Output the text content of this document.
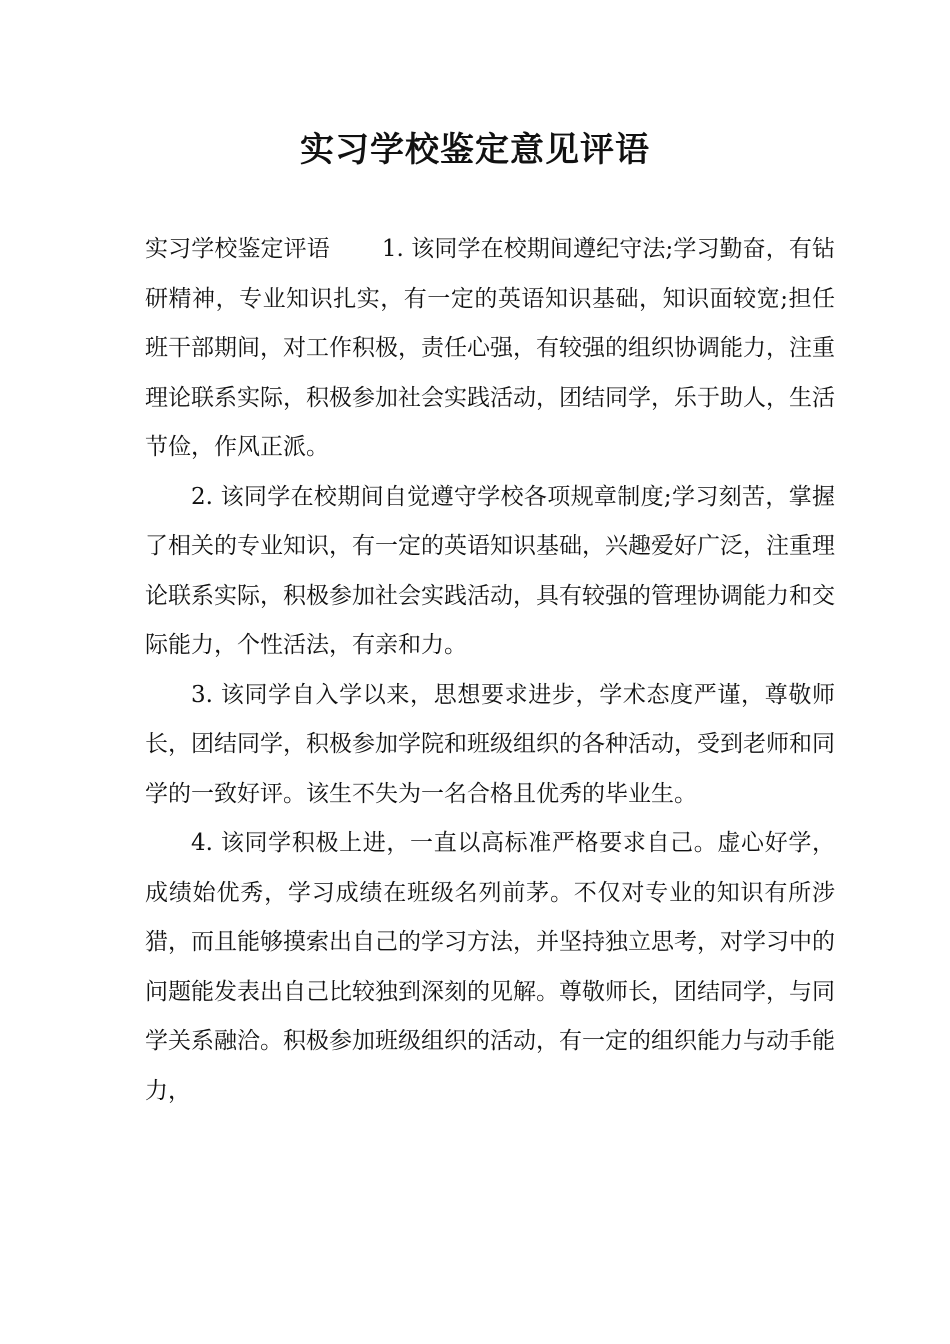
实习学校鉴定意见评语

实习学校鉴定评语 1. 该同学在校期间遵纪守法;学习勤奋，有钻研精神，专业知识扎实，有一定的英语知识基础，知识面较宽;担任班干部期间，对工作积极，责任心强，有较强的组织协调能力，注重理论联系实际，积极参加社会实践活动，团结同学，乐于助人，生活节俭，作风正派。

2. 该同学在校期间自觉遵守学校各项规章制度;学习刻苦，掌握了相关的专业知识，有一定的英语知识基础，兴趣爱好广泛，注重理论联系实际，积极参加社会实践活动，具有较强的管理协调能力和交际能力，个性活法，有亲和力。

3. 该同学自入学以来，思想要求进步，学术态度严谨，尊敬师长，团结同学，积极参加学院和班级组织的各种活动，受到老师和同学的一致好评。该生不失为一名合格且优秀的毕业生。

4. 该同学积极上进，一直以高标准严格要求自己。虚心好学，成绩始优秀，学习成绩在班级名列前茅。不仅对专业的知识有所涉猎，而且能够摸索出自己的学习方法，并坚持独立思考，对学习中的问题能发表出自己比较独到深刻的见解。尊敬师长，团结同学，与同学关系融洽。积极参加班级组织的活动，有一定的组织能力与动手能力，
